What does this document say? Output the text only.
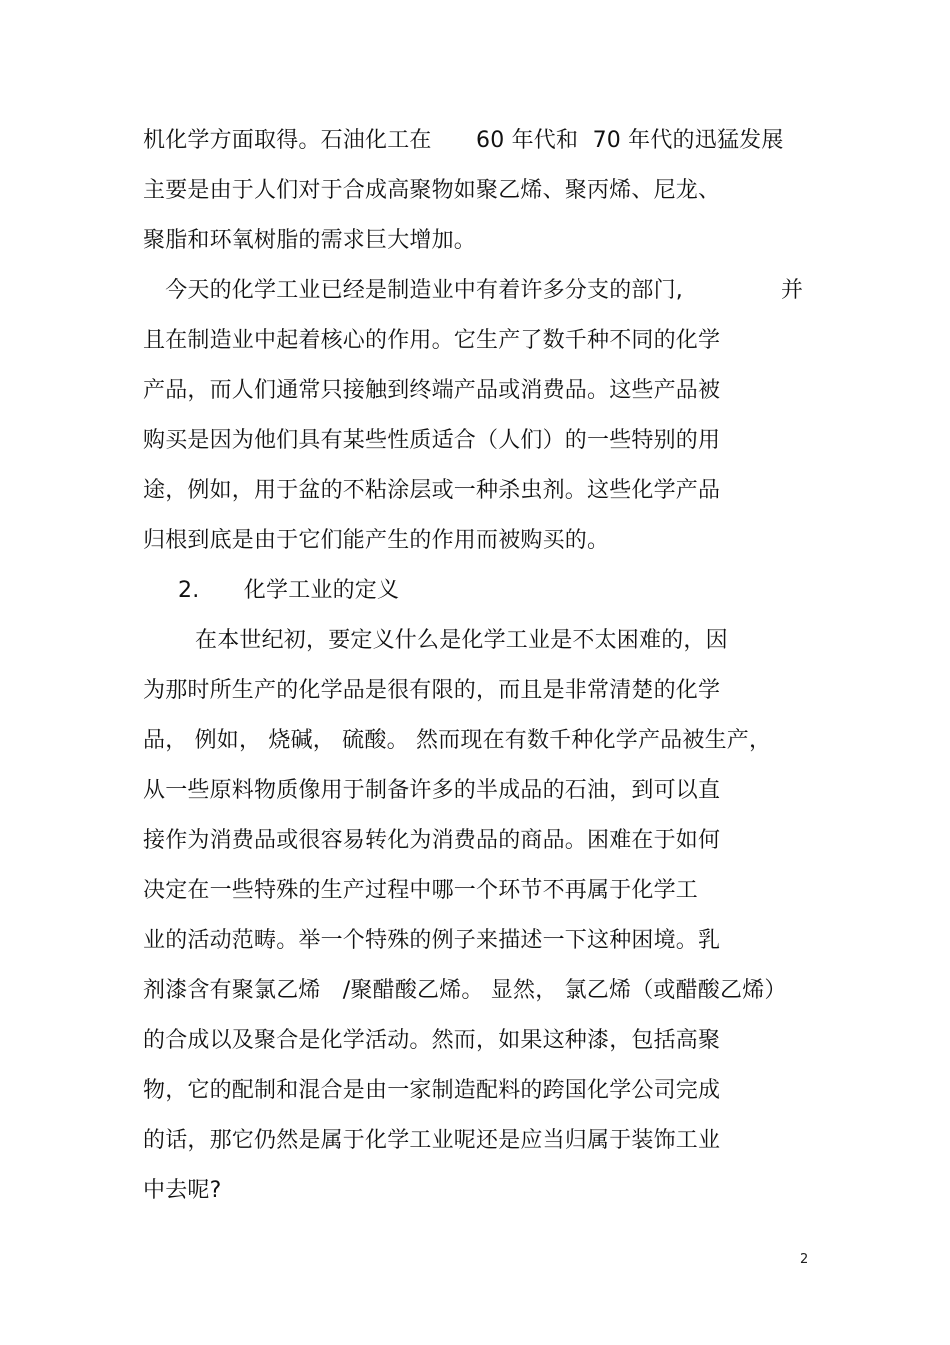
机化学方面取得。石油化工在　　60 年代和  70 年代的迅猛发展
主要是由于人们对于合成高聚物如聚乙烯、聚丙烯、尼龙、
聚脂和环氧树脂的需求巨大增加。
　今天的化学工业已经是制造业中有着许多分支的部门,	并
且在制造业中起着核心的作用。它生产了数千种不同的化学
产品，而人们通常只接触到终端产品或消费品。这些产品被
购买是因为他们具有某些性质适合（人们）的一些特别的用
途，例如，用于盆的不粘涂层或一种杀虫剂。这些化学产品
归根到底是由于它们能产生的作用而被购买的。
2.　　化学工业的定义
在本世纪初，要定义什么是化学工业是不太困难的，因
为那时所生产的化学品是很有限的，而且是非常清楚的化学
品， 例如， 烧碱， 硫酸。 然而现在有数千种化学产品被生产，
从一些原料物质像用于制备许多的半成品的石油，到可以直
接作为消费品或很容易转化为消费品的商品。困难在于如何
决定在一些特殊的生产过程中哪一个环节不再属于化学工
业的活动范畴。举一个特殊的例子来描述一下这种困境。乳
剂漆含有聚氯乙烯　/聚醋酸乙烯。 显然， 氯乙烯（或醋酸乙烯）
的合成以及聚合是化学活动。然而，如果这种漆，包括高聚
物，它的配制和混合是由一家制造配料的跨国化学公司完成
的话，那它仍然是属于化学工业呢还是应当归属于装饰工业
中去呢?
2
